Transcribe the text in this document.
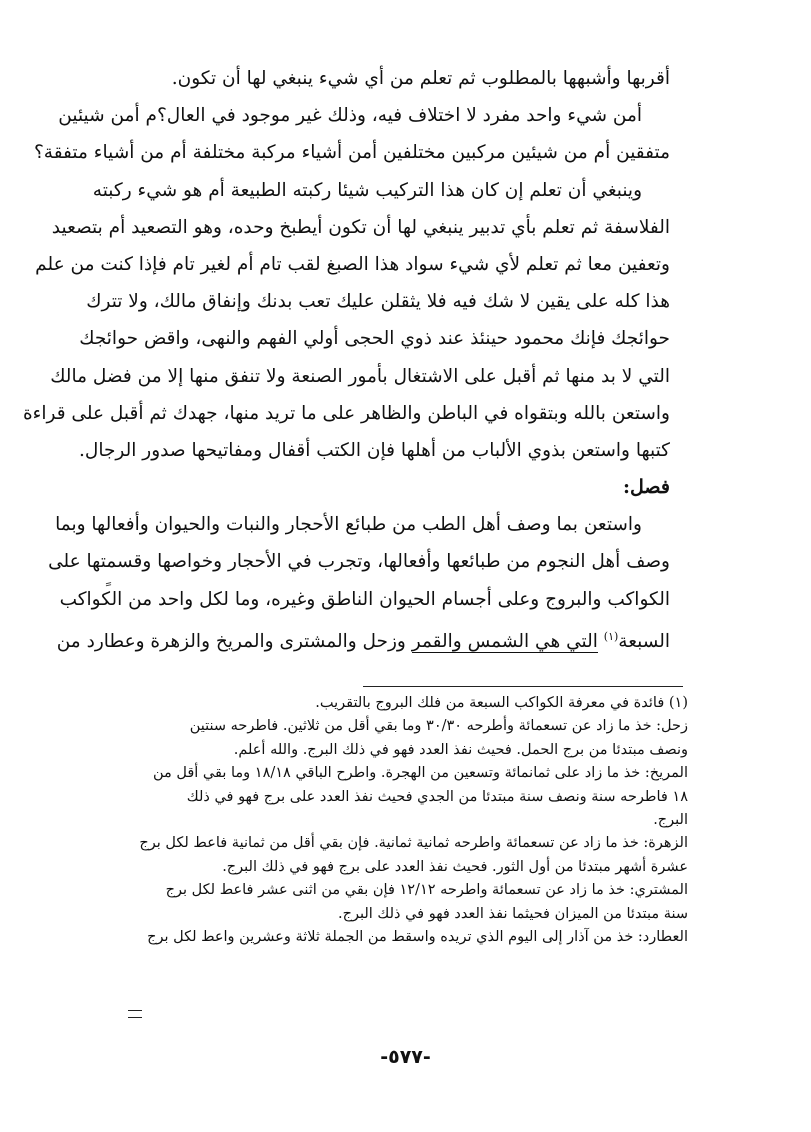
أقربها وأشبهها بالمطلوب ثم تعلم من أي شيء ينبغي لها أن تكون.
أمن شيء واحد مفرد لا اختلاف فيه، وذلك غير موجود في العال؟م أمن شيئين
متفقين أم من شيئين مركبين مختلفين أمن أشياء مركبة مختلفة أم من أشياء متفقة؟
وينبغي أن تعلم إن كان هذا التركيب شيئا ركبته الطبيعة أم هو شيء ركبته
الفلاسفة ثم تعلم بأي تدبير ينبغي لها أن تكون أيطبخ وحده، وهو التصعيد أم بتصعيد
وتعفين معا ثم تعلم لأي شيء سواد هذا الصبغ لقب تام أم لغير تام فإذا كنت من علم
هذا كله على يقين لا شك فيه فلا يثقلن عليك تعب بدنك وإنفاق مالك، ولا تترك
حوائجك فإنك محمود حينئذ عند ذوي الحجى أولي الفهم والنهى، واقض حوائجك
التي لا بد منها ثم أقبل على الاشتغال بأمور الصنعة ولا تنفق منها إلا من فضل مالك
واستعن بالله وبتقواه في الباطن والظاهر على ما تريد منها، جهدك ثم أقبل على قراءة
كتبها واستعن بذوي الألباب من أهلها فإن الكتب أقفال ومفاتيحها صدور الرجال.
فصل:
واستعن بما وصف أهل الطب من طبائع الأحجار والنبات والحيوان وأفعالها وبما
وصف أهل النجوم من طبائعها وأفعالها، وتجرب في الأحجار وخواصها وقسمتها على
الكواكب والبروج وعلى أجسام الحيوان الناطق وغيره، وما لكل واحد من الكواكب
السبعة$^{(١)}$ التي هي الشمس والقمر وزحل والمشترى والمريخ والزهرة وعطارد من
(١) فائدة في معرفة الكواكب السبعة من فلك البروج بالتقريب.
زحل: خذ ما زاد عن تسعمائة وأطرحه ٣٠/٣٠ وما بقي أقل من ثلاثين. فاطرحه سنتين
ونصف مبتدئا من برج الحمل. فحيث نفذ العدد فهو في ذلك البرج. والله أعلم.
المريخ: خذ ما زاد على ثمانمائة وتسعين من الهجرة. واطرح الباقي ١٨/١٨ وما بقي أقل من
١٨ فاطرحه سنة ونصف سنة مبتدئا من الجدي فحيث نفذ العدد على برج فهو في ذلك
البرج.
الزهرة: خذ ما زاد عن تسعمائة واطرحه ثمانية ثمانية. فإن بقي أقل من ثمانية فاعط لكل برج
عشرة أشهر مبتدئا من أول الثور. فحيث نفذ العدد على برج فهو في ذلك البرج.
المشتري: خذ ما زاد عن تسعمائة واطرحه ١٢/١٢ فإن بقي من اثنى عشر فاعط لكل برج
سنة مبتدئا من الميزان فحيثما نفذ العدد فهو في ذلك البرج.
العطارد: خذ من آذار إلى اليوم الذي تريده واسقط من الجملة ثلاثة وعشرين واعط لكل برج
-٥٧٧-
